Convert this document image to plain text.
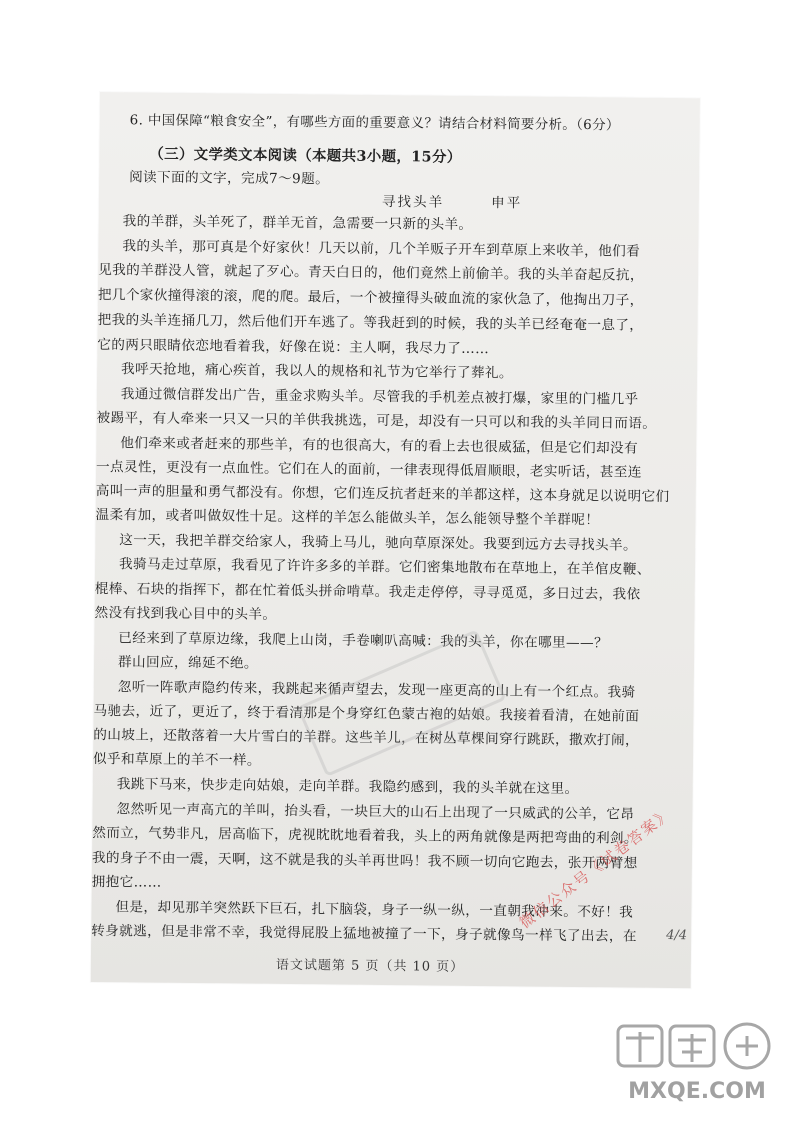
6. 中国保障“粮食安全”，有哪些方面的重要意义？请结合材料简要分析。（6分）
（三）文学类文本阅读（本题共3小题，15分）
阅读下面的文字，完成7～9题。
寻找头羊　　　申平
我的羊群，头羊死了，群羊无首，急需要一只新的头羊。
我的头羊，那可真是个好家伙！几天以前，几个羊贩子开车到草原上来收羊，他们看
见我的羊群没人管，就起了歹心。青天白日的，他们竟然上前偷羊。我的头羊奋起反抗，
把几个家伙撞得滚的滚，爬的爬。最后，一个被撞得头破血流的家伙急了，他掏出刀子，
把我的头羊连捅几刀，然后他们开车逃了。等我赶到的时候，我的头羊已经奄奄一息了，
它的两只眼睛依恋地看着我，好像在说：主人啊，我尽力了……
我呼天抢地，痛心疾首，我以人的规格和礼节为它举行了葬礼。
我通过微信群发出广告，重金求购头羊。尽管我的手机差点被打爆，家里的门槛几乎
被踢平，有人牵来一只又一只的羊供我挑选，可是，却没有一只可以和我的头羊同日而语。
他们牵来或者赶来的那些羊，有的也很高大，有的看上去也很威猛，但是它们却没有
一点灵性，更没有一点血性。它们在人的面前，一律表现得低眉顺眼，老实听话，甚至连
高叫一声的胆量和勇气都没有。你想，它们连反抗者赶来的羊都这样，这本身就足以说明它们
温柔有加，或者叫做奴性十足。这样的羊怎么能做头羊，怎么能领导整个羊群呢！
这一天，我把羊群交给家人，我骑上马儿，驰向草原深处。我要到远方去寻找头羊。
我骑马走过草原，我看见了许许多多的羊群。它们密集地散布在草地上，在羊倌皮鞭、
棍棒、石块的指挥下，都在忙着低头拼命啃草。我走走停停，寻寻觅觅，多日过去，我依
然没有找到我心目中的头羊。
已经来到了草原边缘，我爬上山岗，手卷喇叭高喊：我的头羊，你在哪里——？
群山回应，绵延不绝。
忽听一阵歌声隐约传来，我跳起来循声望去，发现一座更高的山上有一个红点。我骑
马驰去，近了，更近了，终于看清那是个身穿红色蒙古袍的姑娘。我接着看清，在她前面
的山坡上，还散落着一大片雪白的羊群。这些羊儿，在树丛草棵间穿行跳跃，撒欢打闹，
似乎和草原上的羊不一样。
我跳下马来，快步走向姑娘，走向羊群。我隐约感到，我的头羊就在这里。
忽然听见一声高亢的羊叫，抬头看，一块巨大的山石上出现了一只威武的公羊，它昂
然而立，气势非凡，居高临下，虎视眈眈地看着我，头上的两角就像是两把弯曲的利剑。
我的身子不由一震，天啊，这不就是我的头羊再世吗！我不顾一切向它跑去，张开两臂想
拥抱它……
但是，却见那羊突然跃下巨石，扎下脑袋，身子一纵一纵，一直朝我冲来。不好！我
转身就逃，但是非常不幸，我觉得屁股上猛地被撞了一下，身子就像鸟一样飞了出去，在
微信公众号《试卷答案》
4/4
语文试题第 5 页（共 10 页）
MXQE.COM
